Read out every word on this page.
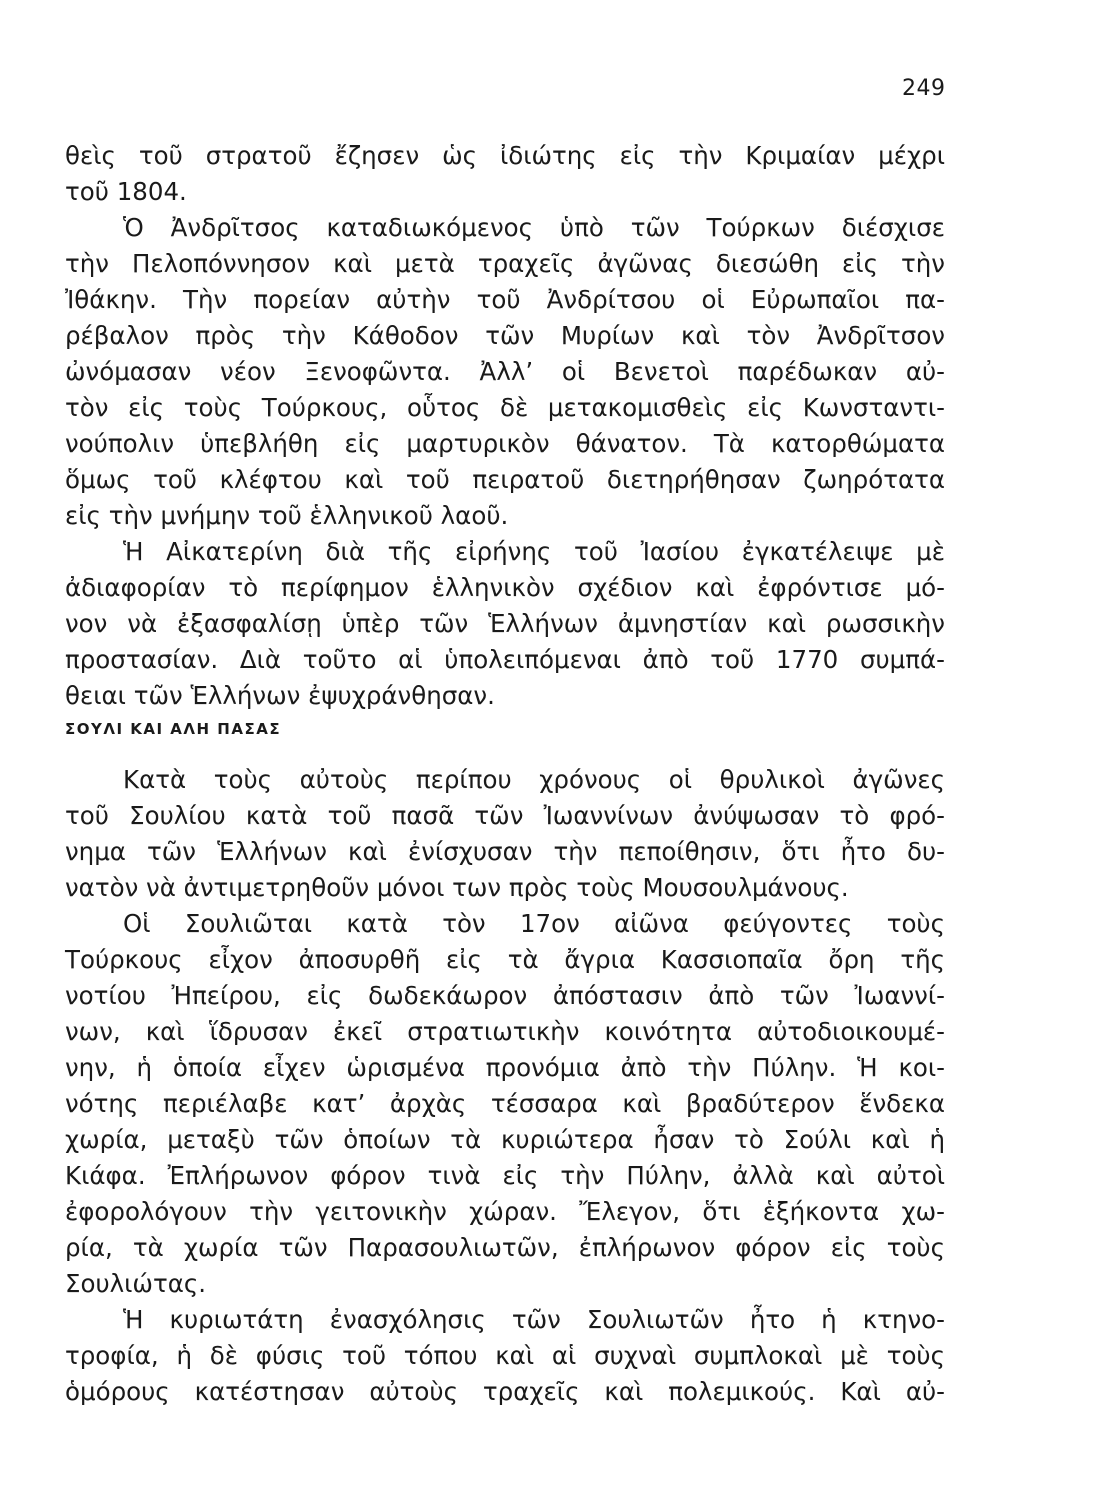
249
θεὶς τοῦ στρατοῦ ἔζησεν ὡς ἰδιώτης εἰς τὴν Κριμαίαν μέχρι
τοῦ 1804.
Ὁ Ἀνδρῖτσος καταδιωκόμενος ὑπὸ τῶν Τούρκων διέσχισε
τὴν Πελοπόννησον καὶ μετὰ τραχεῖς ἀγῶνας διεσώθη εἰς τὴν
Ἰθάκην. Τὴν πορείαν αὐτὴν τοῦ Ἀνδρίτσου οἱ Εὐρωπαῖοι πα-
ρέβαλον πρὸς τὴν Κάθοδον τῶν Μυρίων καὶ τὸν Ἀνδρῖτσον
ὠνόμασαν νέον Ξενοφῶντα. Ἀλλ’ οἱ Βενετοὶ παρέδωκαν αὐ-
τὸν εἰς τοὺς Τούρκους, οὗτος δὲ μετακομισθεὶς εἰς Κωνσταντι-
νούπολιν ὑπεβλήθη εἰς μαρτυρικὸν θάνατον. Τὰ κατορθώματα
ὅμως τοῦ κλέφτου καὶ τοῦ πειρατοῦ διετηρήθησαν ζωηρότατα
εἰς τὴν μνήμην τοῦ ἑλληνικοῦ λαοῦ.
Ἡ Αἰκατερίνη διὰ τῆς εἰρήνης τοῦ Ἰασίου ἐγκατέλειψε μὲ
ἀδιαφορίαν τὸ περίφημον ἑλληνικὸν σχέδιον καὶ ἐφρόντισε μό-
νον νὰ ἐξασφαλίσῃ ὑπὲρ τῶν Ἑλλήνων ἀμνηστίαν καὶ ρωσσικὴν
προστασίαν. Διὰ τοῦτο αἱ ὑπολειπόμεναι ἀπὸ τοῦ 1770 συμπά-
θειαι τῶν Ἑλλήνων ἐψυχράνθησαν.
ΣΟΥΛΙ ΚΑΙ ΑΛΗ ΠΑΣΑΣ
Κατὰ τοὺς αὐτοὺς περίπου χρόνους οἱ θρυλικοὶ ἀγῶνες
τοῦ Σουλίου κατὰ τοῦ πασᾶ τῶν Ἰωαννίνων ἀνύψωσαν τὸ φρό-
νημα τῶν Ἑλλήνων καὶ ἐνίσχυσαν τὴν πεποίθησιν, ὅτι ἦτο δυ-
νατὸν νὰ ἀντιμετρηθοῦν μόνοι των πρὸς τοὺς Μουσουλμάνους.
Οἱ Σουλιῶται κατὰ τὸν 17ον αἰῶνα φεύγοντες τοὺς
Τούρκους εἶχον ἀποσυρθῆ εἰς τὰ ἄγρια Κασσιοπαῖα ὄρη τῆς
νοτίου Ἠπείρου, εἰς δωδεκάωρον ἀπόστασιν ἀπὸ τῶν Ἰωαννί-
νων, καὶ ἵδρυσαν ἐκεῖ στρατιωτικὴν κοινότητα αὐτοδιοικουμέ-
νην, ἡ ὁποία εἶχεν ὡρισμένα προνόμια ἀπὸ τὴν Πύλην. Ἡ κοι-
νότης περιέλαβε κατ’ ἀρχὰς τέσσαρα καὶ βραδύτερον ἕνδεκα
χωρία, μεταξὺ τῶν ὁποίων τὰ κυριώτερα ἦσαν τὸ Σούλι καὶ ἡ
Κιάφα. Ἐπλήρωνον φόρον τινὰ εἰς τὴν Πύλην, ἀλλὰ καὶ αὐτοὶ
ἐφορολόγουν τὴν γειτονικὴν χώραν. Ἔλεγον, ὅτι ἑξήκοντα χω-
ρία, τὰ χωρία τῶν Παρασουλιωτῶν, ἐπλήρωνον φόρον εἰς τοὺς
Σουλιώτας.
Ἡ κυριωτάτη ἐνασχόλησις τῶν Σουλιωτῶν ἦτο ἡ κτηνο-
τροφία, ἡ δὲ φύσις τοῦ τόπου καὶ αἱ συχναὶ συμπλοκαὶ μὲ τοὺς
ὁμόρους κατέστησαν αὐτοὺς τραχεῖς καὶ πολεμικούς. Καὶ αὐ-
